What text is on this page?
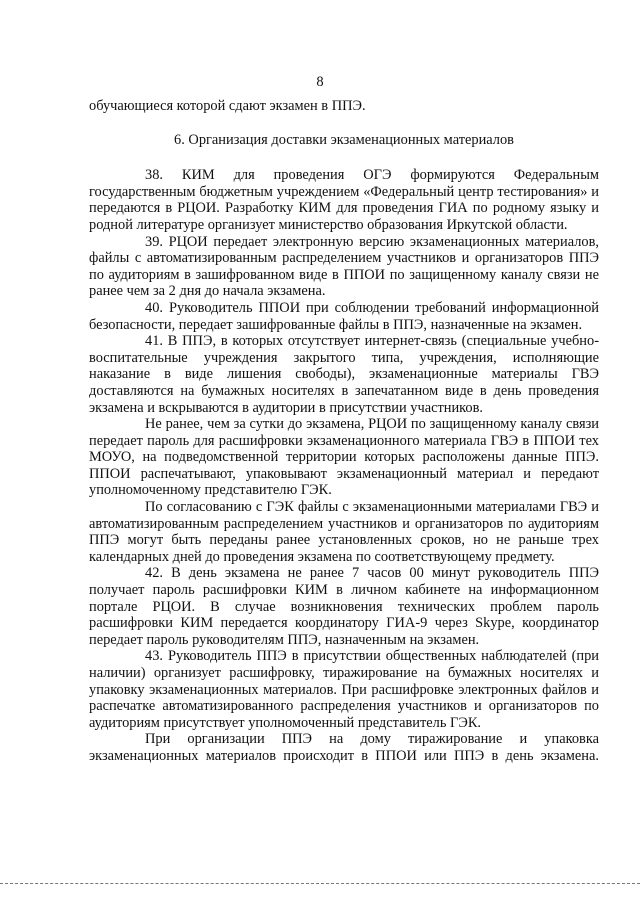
8

обучающиеся которой сдают экзамен в ППЭ.

6. Организация доставки экзаменационных материалов

38. КИМ для проведения ОГЭ формируются Федеральным государственным бюджетным учреждением «Федеральный центр тестирования» и передаются в РЦОИ. Разработку КИМ для проведения ГИА по родному языку и родной литературе организует министерство образования Иркутской области.

39. РЦОИ передает электронную версию экзаменационных материалов, файлы с автоматизированным распределением участников и организаторов ППЭ по аудиториям в зашифрованном виде в ППОИ по защищенному каналу связи не ранее чем за 2 дня до начала экзамена.

40. Руководитель ППОИ при соблюдении требований информационной безопасности, передает зашифрованные файлы в ППЭ, назначенные на экзамен.

41. В ППЭ, в которых отсутствует интернет-связь (специальные учебно-воспитательные учреждения закрытого типа, учреждения, исполняющие наказание в виде лишения свободы), экзаменационные материалы ГВЭ доставляются на бумажных носителях в запечатанном виде в день проведения экзамена и вскрываются в аудитории в присутствии участников.

Не ранее, чем за сутки до экзамена, РЦОИ по защищенному каналу связи передает пароль для расшифровки экзаменационного материала ГВЭ в ППОИ тех МОУО, на подведомственной территории которых расположены данные ППЭ. ППОИ распечатывают, упаковывают экзаменационный материал и передают уполномоченному представителю ГЭК.

По согласованию с ГЭК файлы с экзаменационными материалами ГВЭ и автоматизированным распределением участников и организаторов по аудиториям ППЭ могут быть переданы ранее установленных сроков, но не раньше трех календарных дней до проведения экзамена по соответствующему предмету.

42. В день экзамена не ранее 7 часов 00 минут руководитель ППЭ получает пароль расшифровки КИМ в личном кабинете на информационном портале РЦОИ. В случае возникновения технических проблем пароль расшифровки КИМ передается координатору ГИА-9 через Skype, координатор передает пароль руководителям ППЭ, назначенным на экзамен.

43. Руководитель ППЭ в присутствии общественных наблюдателей (при наличии) организует расшифровку, тиражирование на бумажных носителях и упаковку экзаменационных материалов. При расшифровке электронных файлов и распечатке автоматизированного распределения участников и организаторов по аудиториям присутствует уполномоченный представитель ГЭК.

При организации ППЭ на дому тиражирование и упаковка экзаменационных материалов происходит в ППОИ или ППЭ в день экзамена.
